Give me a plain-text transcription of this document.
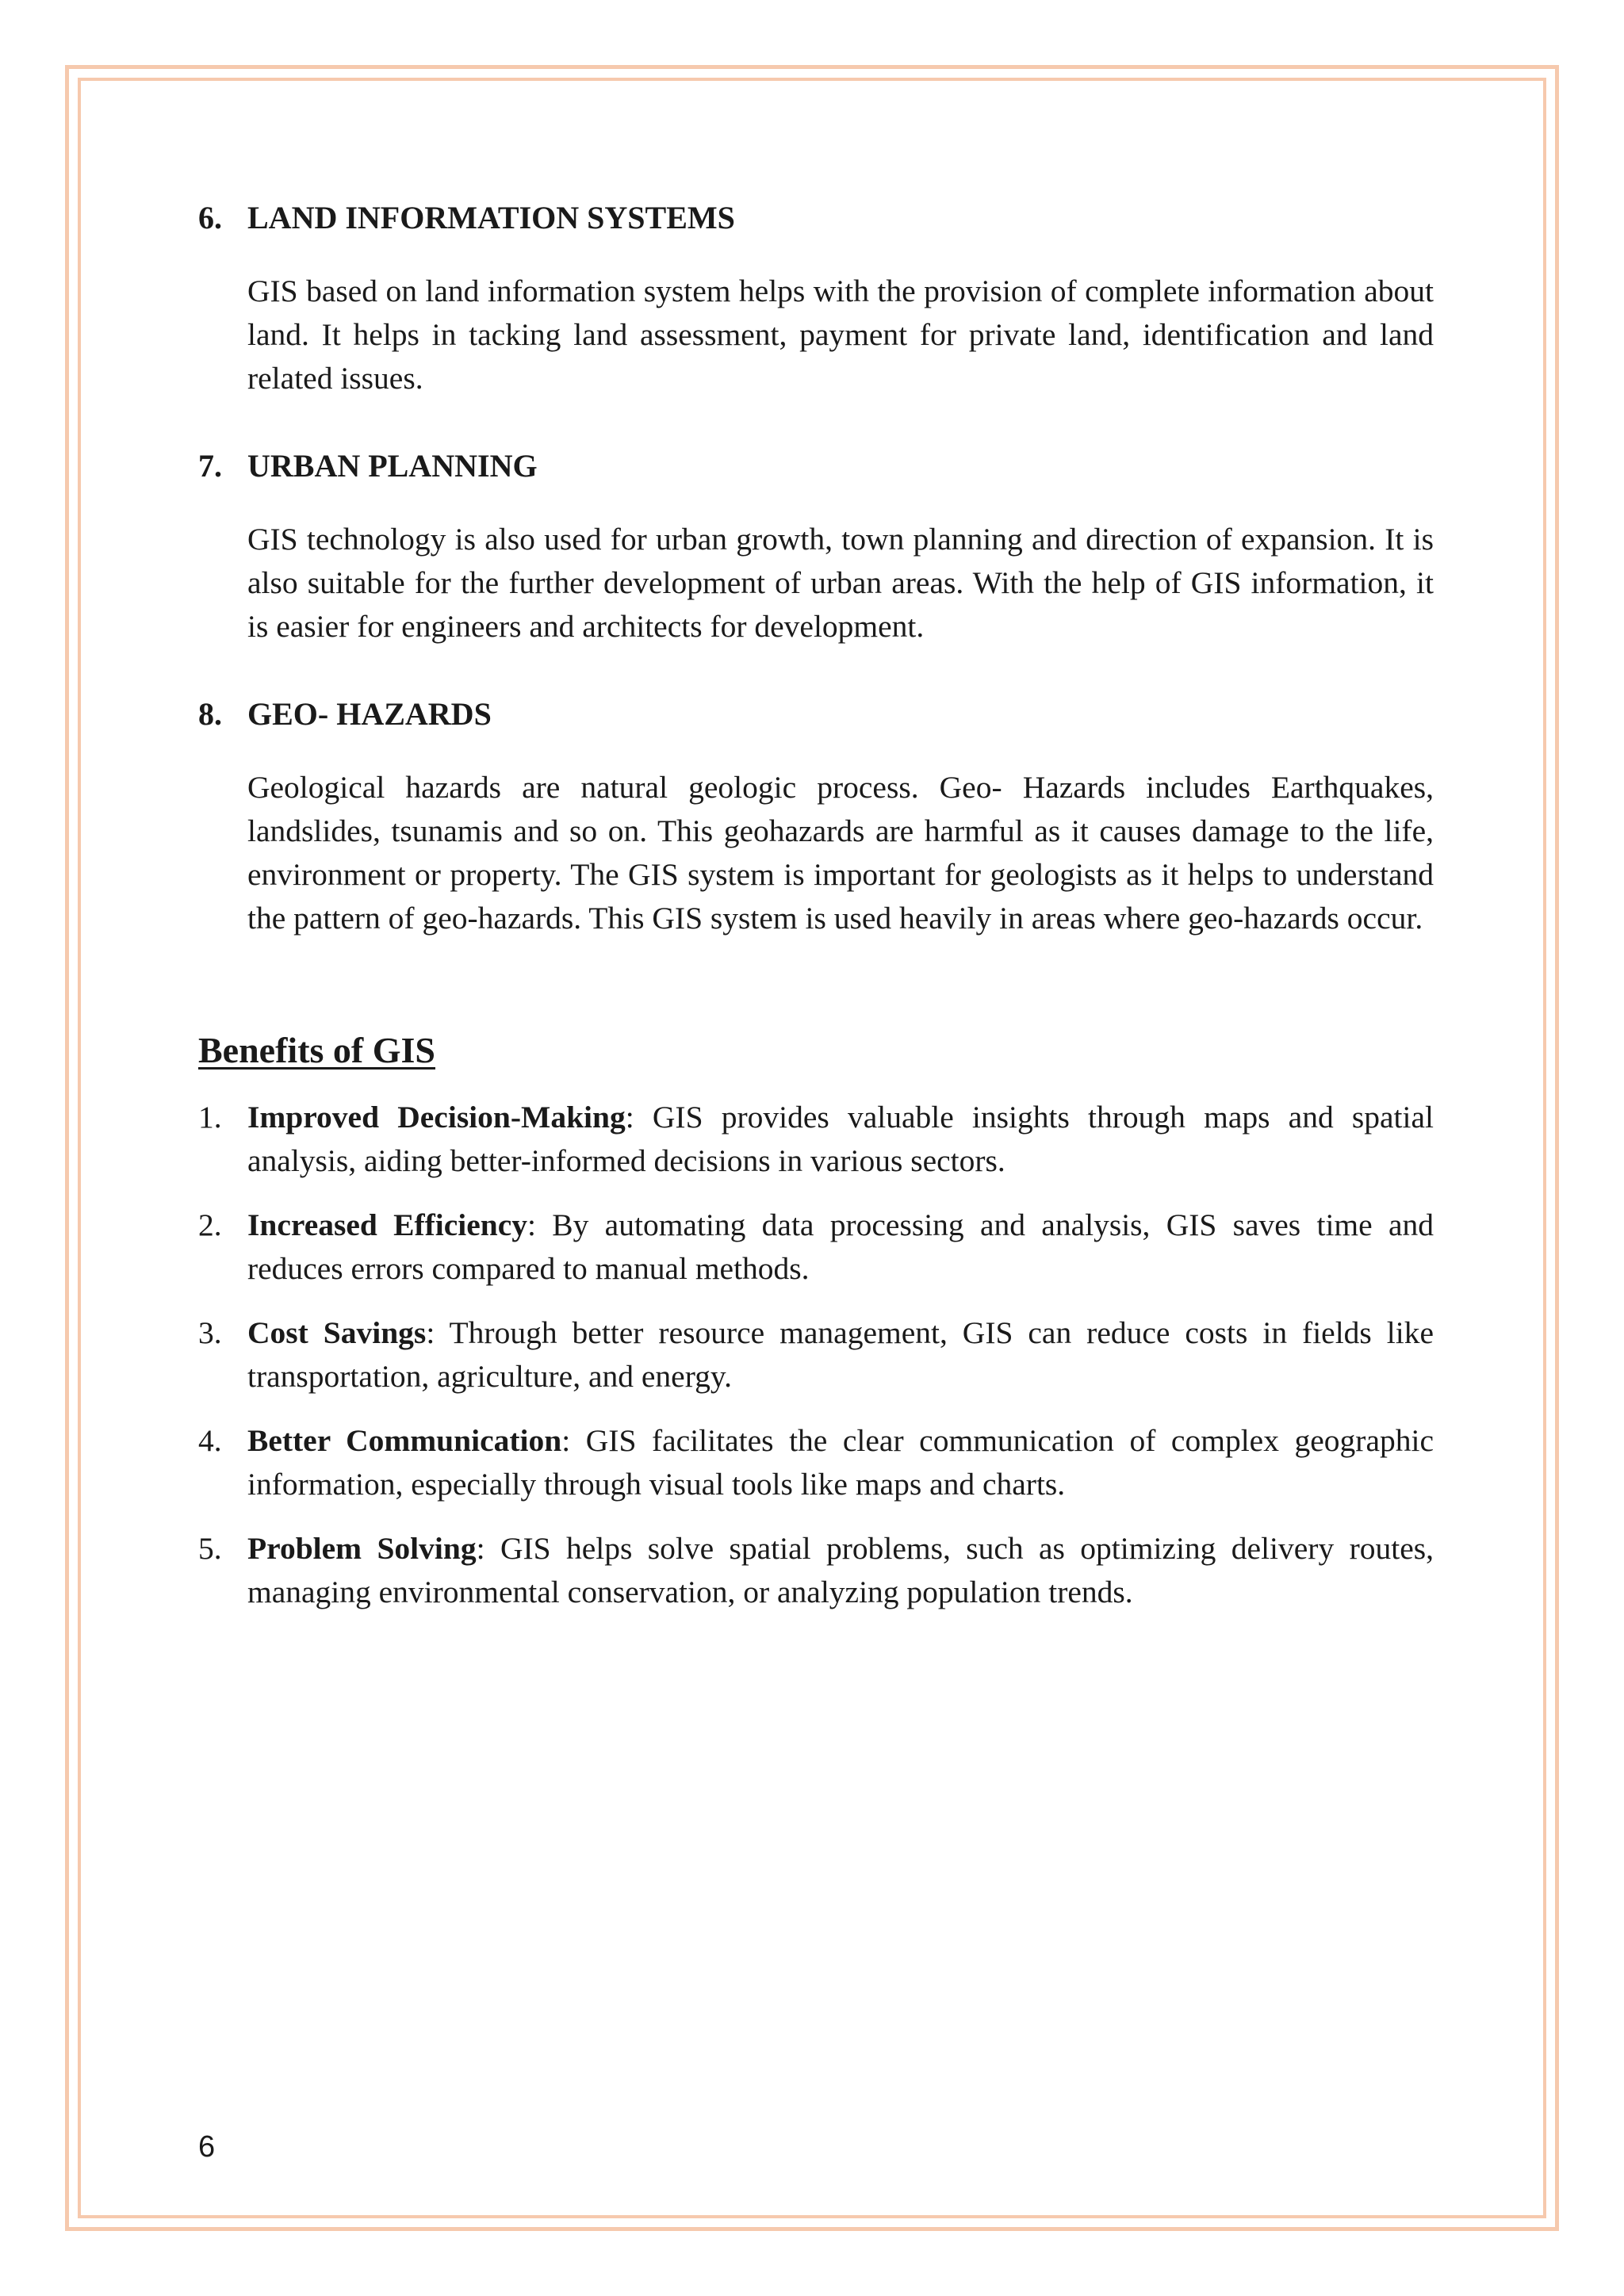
6. LAND INFORMATION SYSTEMS

GIS based on land information system helps with the provision of complete information about land. It helps in tacking land assessment, payment for private land, identification and land related issues.

7. URBAN PLANNING

GIS technology is also used for urban growth, town planning and direction of expansion. It is also suitable for the further development of urban areas. With the help of GIS information, it is easier for engineers and architects for development.

8. GEO- HAZARDS

Geological hazards are natural geologic process. Geo- Hazards includes Earthquakes, landslides, tsunamis and so on. This geohazards are harmful as it causes damage to the life, environment or property. The GIS system is important for geologists as it helps to understand the pattern of geo-hazards. This GIS system is used heavily in areas where geo-hazards occur.

Benefits of GIS
1. Improved Decision-Making: GIS provides valuable insights through maps and spatial analysis, aiding better-informed decisions in various sectors.
2. Increased Efficiency: By automating data processing and analysis, GIS saves time and reduces errors compared to manual methods.
3. Cost Savings: Through better resource management, GIS can reduce costs in fields like transportation, agriculture, and energy.
4. Better Communication: GIS facilitates the clear communication of complex geographic information, especially through visual tools like maps and charts.
5. Problem Solving: GIS helps solve spatial problems, such as optimizing delivery routes, managing environmental conservation, or analyzing population trends.
6
